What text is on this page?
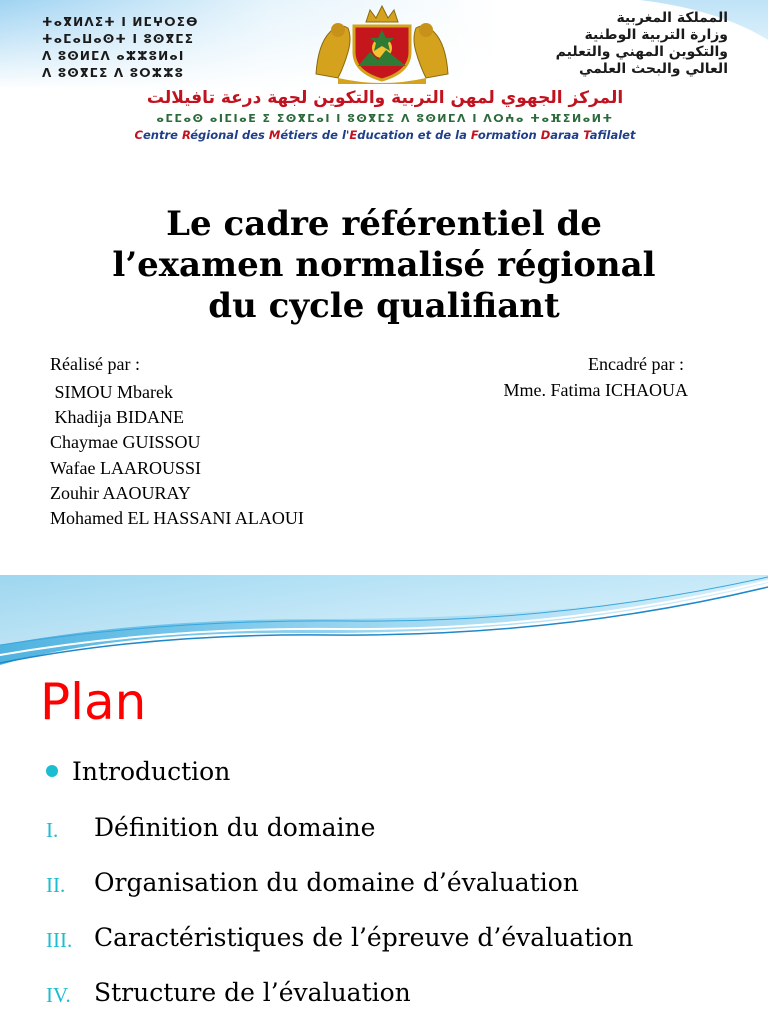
ⵜⴰⴳⵍⴷⵉⵜ ⵏ ⵍⵎⵖⵔⵉⴱ
ⵜⴰⵎⴰⵡⴰⵙⵜ ⵏ ⵓⵙⴳⵎⵉ
ⴷ ⵓⵙⵍⵎⴷ ⴰⵣⵣⵓⵍⴰⵏ
ⴷ ⵓⵙⴳⵎⵉ ⴷ ⵓⵔⵣⵣⵓ
المملكة المغربية
وزارة التربية الوطنية
والتكوين المهني والتعليم
العالي والبحث العلمي
المركز الجهوي لمهن التربية والتكوين لجهة درعة تافيلالت
ⴰⵎⵎⴰⵙ ⴰⵏⵎⵏⴰⴹ ⵉ ⵉⵙⴳⵎⴰⵏ ⵏ ⵓⵙⴳⵎⵉ ⴷ ⵓⵙⵍⵎⴷ ⵏ ⴷⵔⵄⴰ ⵜⴰⴼⵉⵍⴰⵍⵜ
Centre Régional des Métiers de l'Education et de la Formation Daraa Tafilalet
Le cadre référentiel de
l’examen normalisé régional
du cycle qualifiant
Réalisé par :
SIMOU Mbarek
Khadija BIDANE
Chaymae GUISSOU
Wafae LAAROUSSI
Zouhir AAOURAY
Mohamed EL HASSANI ALAOUI
Encadré par :
Mme. Fatima ICHAOUA
Plan
Introduction
I. Définition du domaine
II. Organisation du domaine d’évaluation
III. Caractéristiques de l’épreuve d’évaluation
IV. Structure de l’évaluation
